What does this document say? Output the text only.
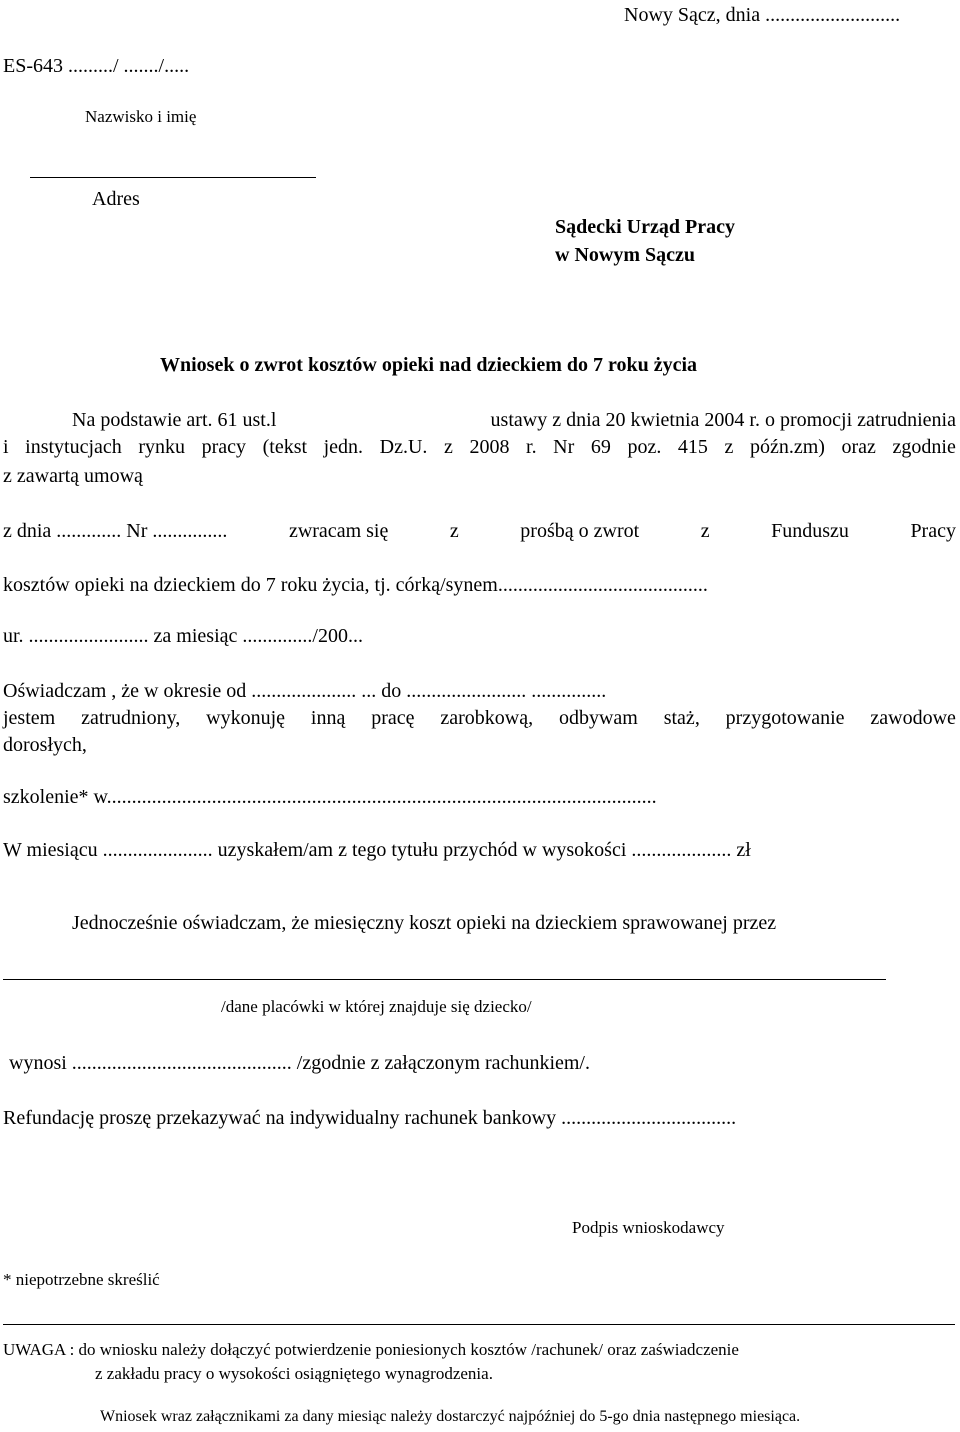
Nowy Sącz, dnia ...........................
ES-643 ........./ ......./.....
Nazwisko i imię
Adres
Sądecki Urząd Pracy
w Nowym Sączu
Wniosek o zwrot kosztów opieki nad dzieckiem do 7 roku życia
Na podstawie art. 61 ust.l	ustawy z dnia 20 kwietnia 2004 r. o promocji zatrudnienia
i instytucjach rynku pracy (tekst jedn. Dz.U. z 2008 r. Nr 69 poz. 415 z późn.zm) oraz zgodnie
z zawartą umową
z dnia ............. Nr ...............	zwracam się	z	prośbą o zwrot	z	Funduszu	Pracy
kosztów opieki na dzieckiem do 7 roku życia, tj. córką/synem..........................................
ur. ........................ za miesiąc ............../200...
Oświadczam , że w okresie od ..................... ... do ........................ ...............
jestem zatrudniony, wykonuję inną pracę zarobkową, odbywam staż, przygotowanie zawodowe
dorosłych,
szkolenie* w..............................................................................................................
W miesiącu ...................... uzyskałem/am z tego tytułu przychód w wysokości .................... zł
Jednocześnie oświadczam, że miesięczny koszt opieki na dzieckiem sprawowanej przez
/dane placówki w której znajduje się dziecko/
wynosi ............................................ /zgodnie z załączonym rachunkiem/.
Refundację proszę przekazywać na indywidualny rachunek bankowy ...................................
Podpis wnioskodawcy
* niepotrzebne skreślić
UWAGA : do wniosku należy dołączyć potwierdzenie poniesionych kosztów /rachunek/ oraz zaświadczenie
z zakładu pracy o wysokości osiągniętego wynagrodzenia.
Wniosek wraz załącznikami za dany miesiąc należy dostarczyć najpóźniej do 5-go dnia następnego miesiąca.
